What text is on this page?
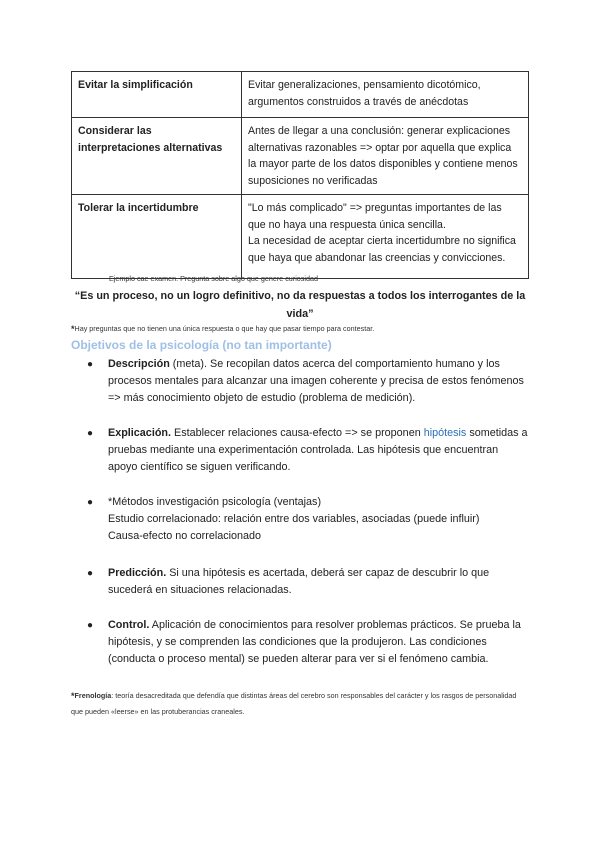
Evitar la simplificación	Evitar generalizaciones, pensamiento dicotómico, argumentos construidos a través de anécdotas
Considerar las interpretaciones alternativas	Antes de llegar a una conclusión: generar explicaciones alternativas razonables => optar por aquella que explica la mayor parte de los datos disponibles y contiene menos suposiciones no verificadas
Tolerar la incertidumbre	"Lo más complicado" => preguntas importantes de las que no haya una respuesta única sencilla.
La necesidad de aceptar cierta incertidumbre no significa que haya que abandonar las creencias y convicciones.
Ejemplo cae examen. Pregunta sobre algo que genere curiosidad
“Es un proceso, no un logro definitivo, no da respuestas a todos los interrogantes de la vida”
*Hay preguntas que no tienen una única respuesta o que hay que pasar tiempo para contestar.
Objetivos de la psicología (no tan importante)
● Descripción (meta). Se recopilan datos acerca del comportamiento humano y los procesos mentales para alcanzar una imagen coherente y precisa de estos fenómenos => más conocimiento objeto de estudio (problema de medición).
● Explicación. Establecer relaciones causa-efecto => se proponen hipótesis sometidas a pruebas mediante una experimentación controlada. Las hipótesis que encuentran apoyo científico se siguen verificando.
● *Métodos investigación psicología (ventajas)
Estudio correlacionado: relación entre dos variables, asociadas (puede influir)
Causa-efecto no correlacionado
● Predicción. Si una hipótesis es acertada, deberá ser capaz de descubrir lo que sucederá en situaciones relacionadas.
● Control. Aplicación de conocimientos para resolver problemas prácticos. Se prueba la hipótesis, y se comprenden las condiciones que la produjeron. Las condiciones (conducta o proceso mental) se pueden alterar para ver si el fenómeno cambia.
*Frenología: teoría desacreditada que defendía que distintas áreas del cerebro son responsables del carácter y los rasgos de personalidad que pueden «leerse» en las protuberancias craneales.
